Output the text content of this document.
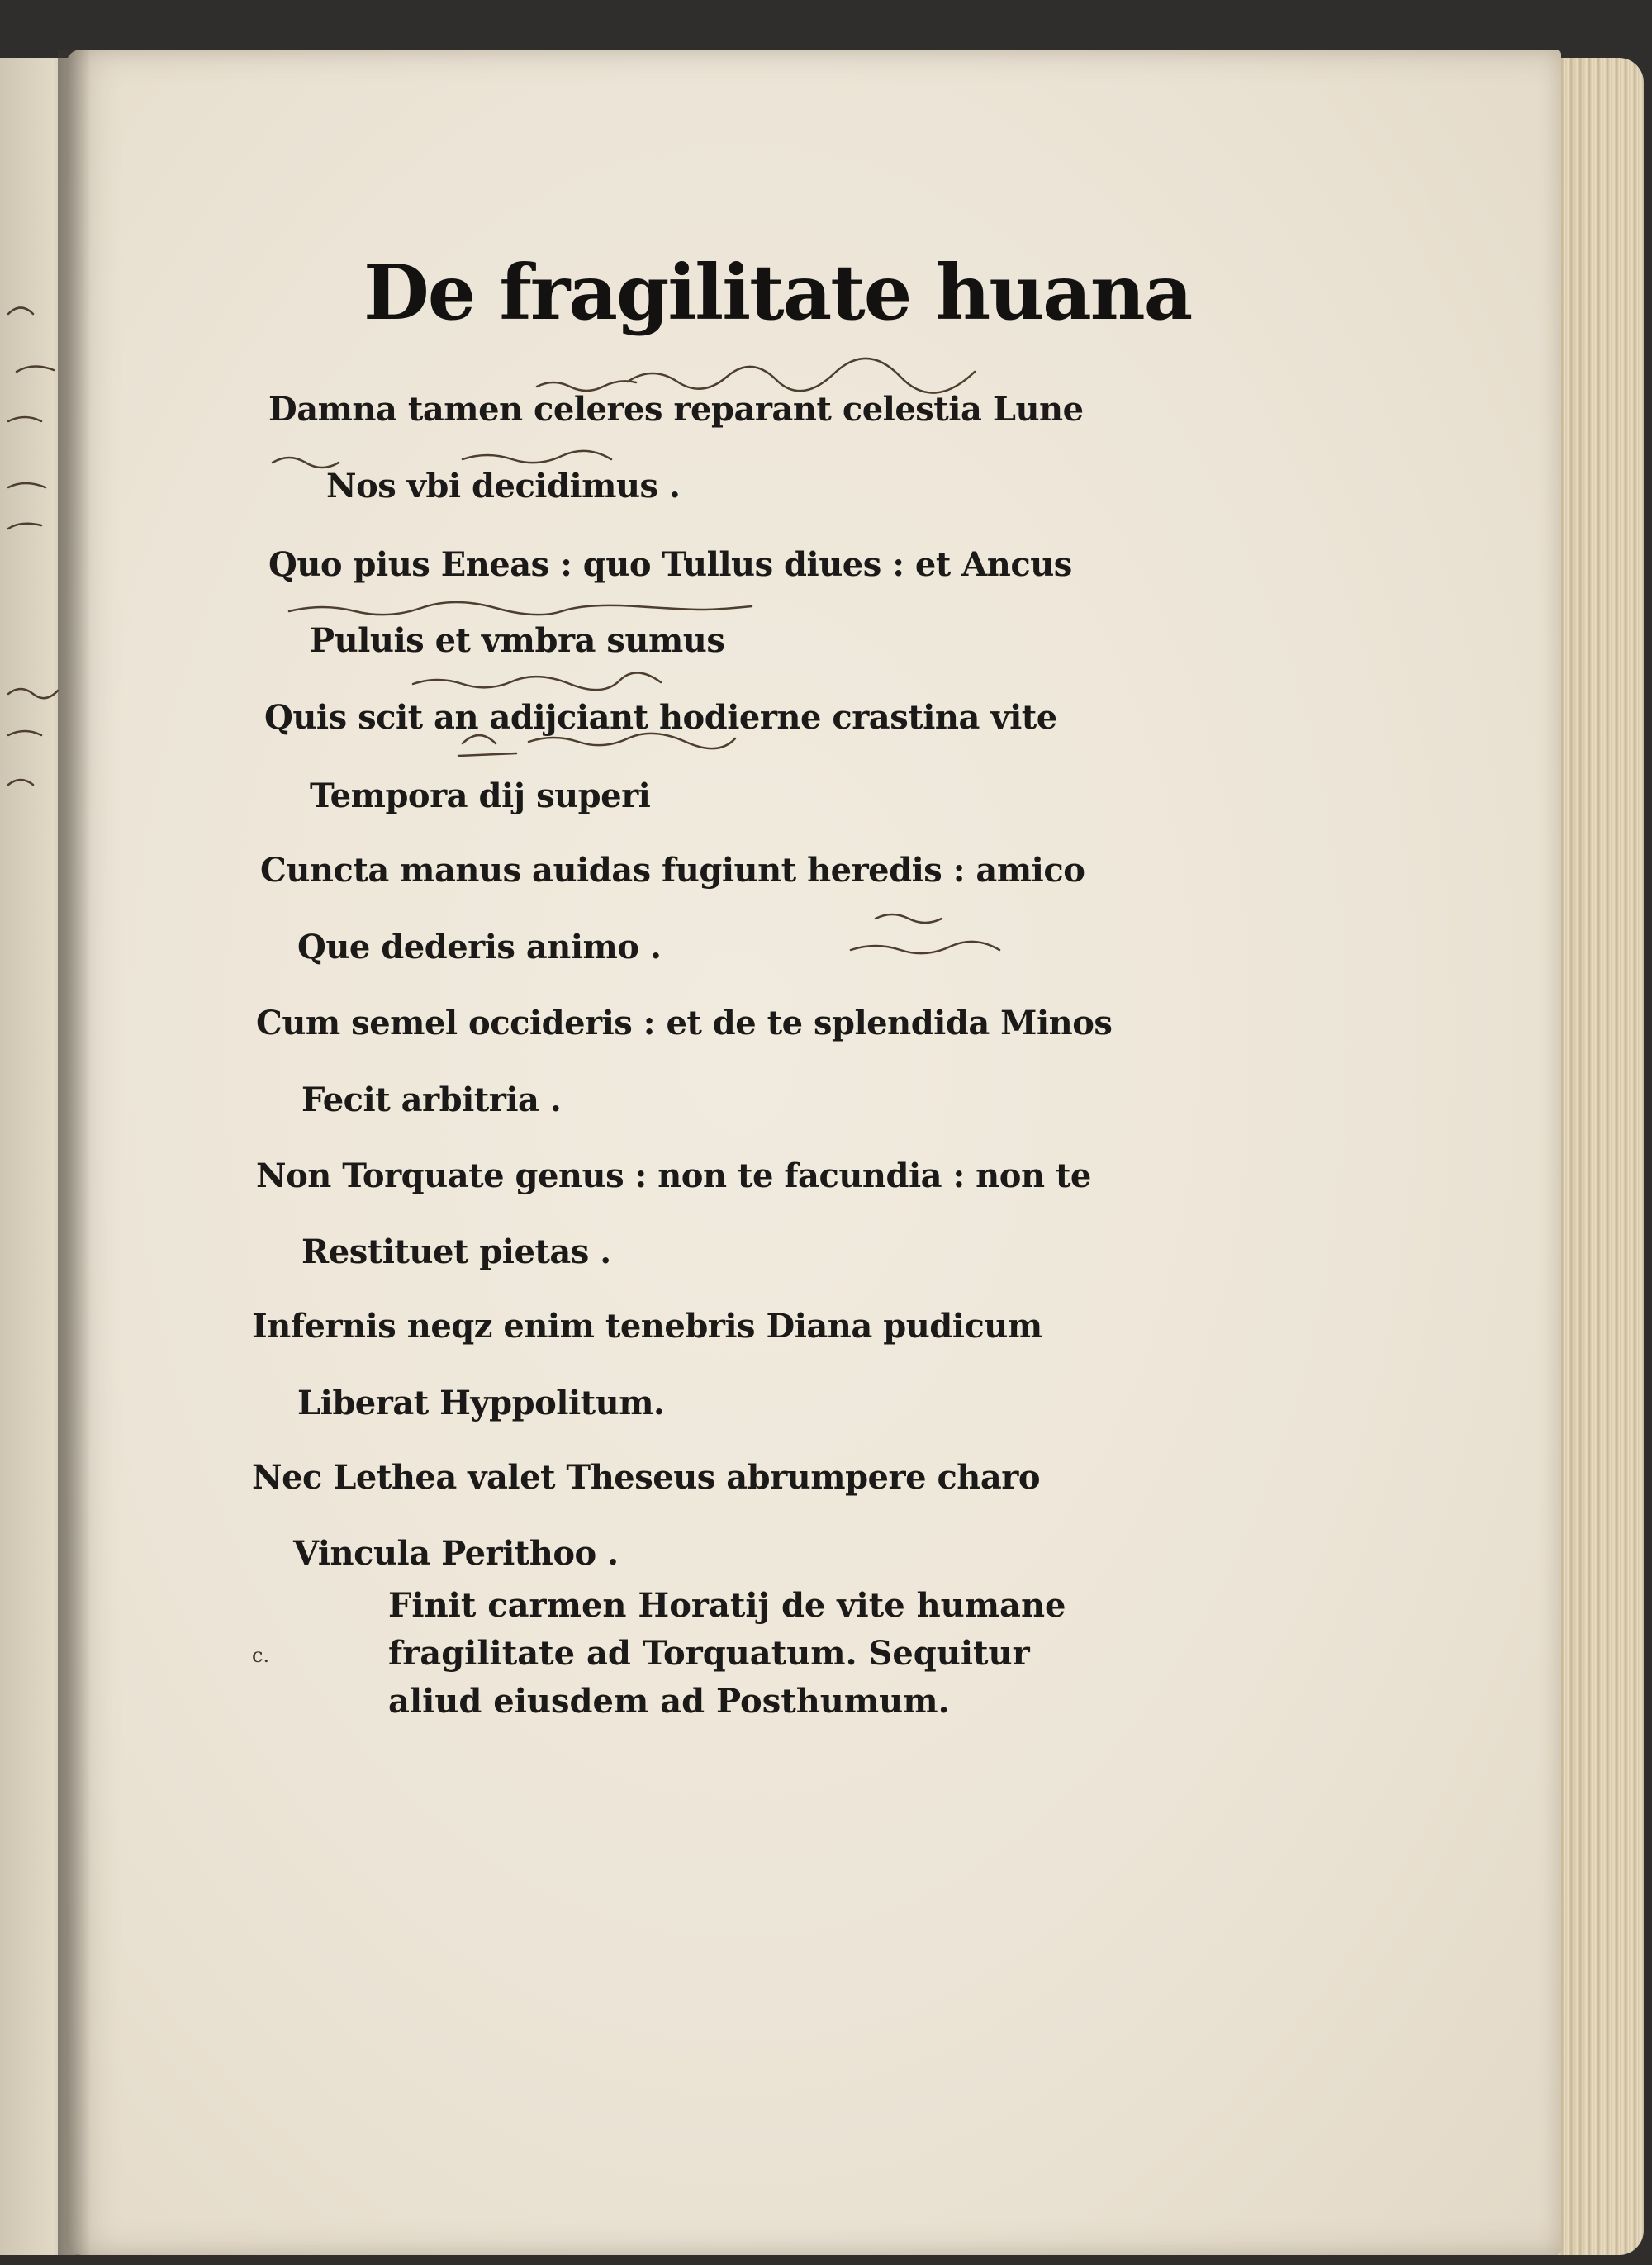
De fragilitate huana
Damna tamen celeres reparant celestia Lune
Nos vbi decidimus .
Quo pius Eneas : quo Tullus diues : et Ancus
Puluis et vmbra sumus
Quis scit an adijciant hodierne crastina vite
Tempora dij superi
Cuncta manus auidas fugiunt heredis : amico
Que dederis animo .
Cum semel occideris : et de te splendida Minos
Fecit arbitria .
Non Torquate genus : non te facundia : non te
Restituet pietas .
Infernis neqz enim tenebris Diana pudicum
Liberat Hyppolitum.
Nec Lethea valet Theseus abrumpere charo
Vincula Perithoo .
Finit carmen Horatij de vite humane
fragilitate ad Torquatum. Sequitur
aliud eiusdem ad Posthumum.
c.
